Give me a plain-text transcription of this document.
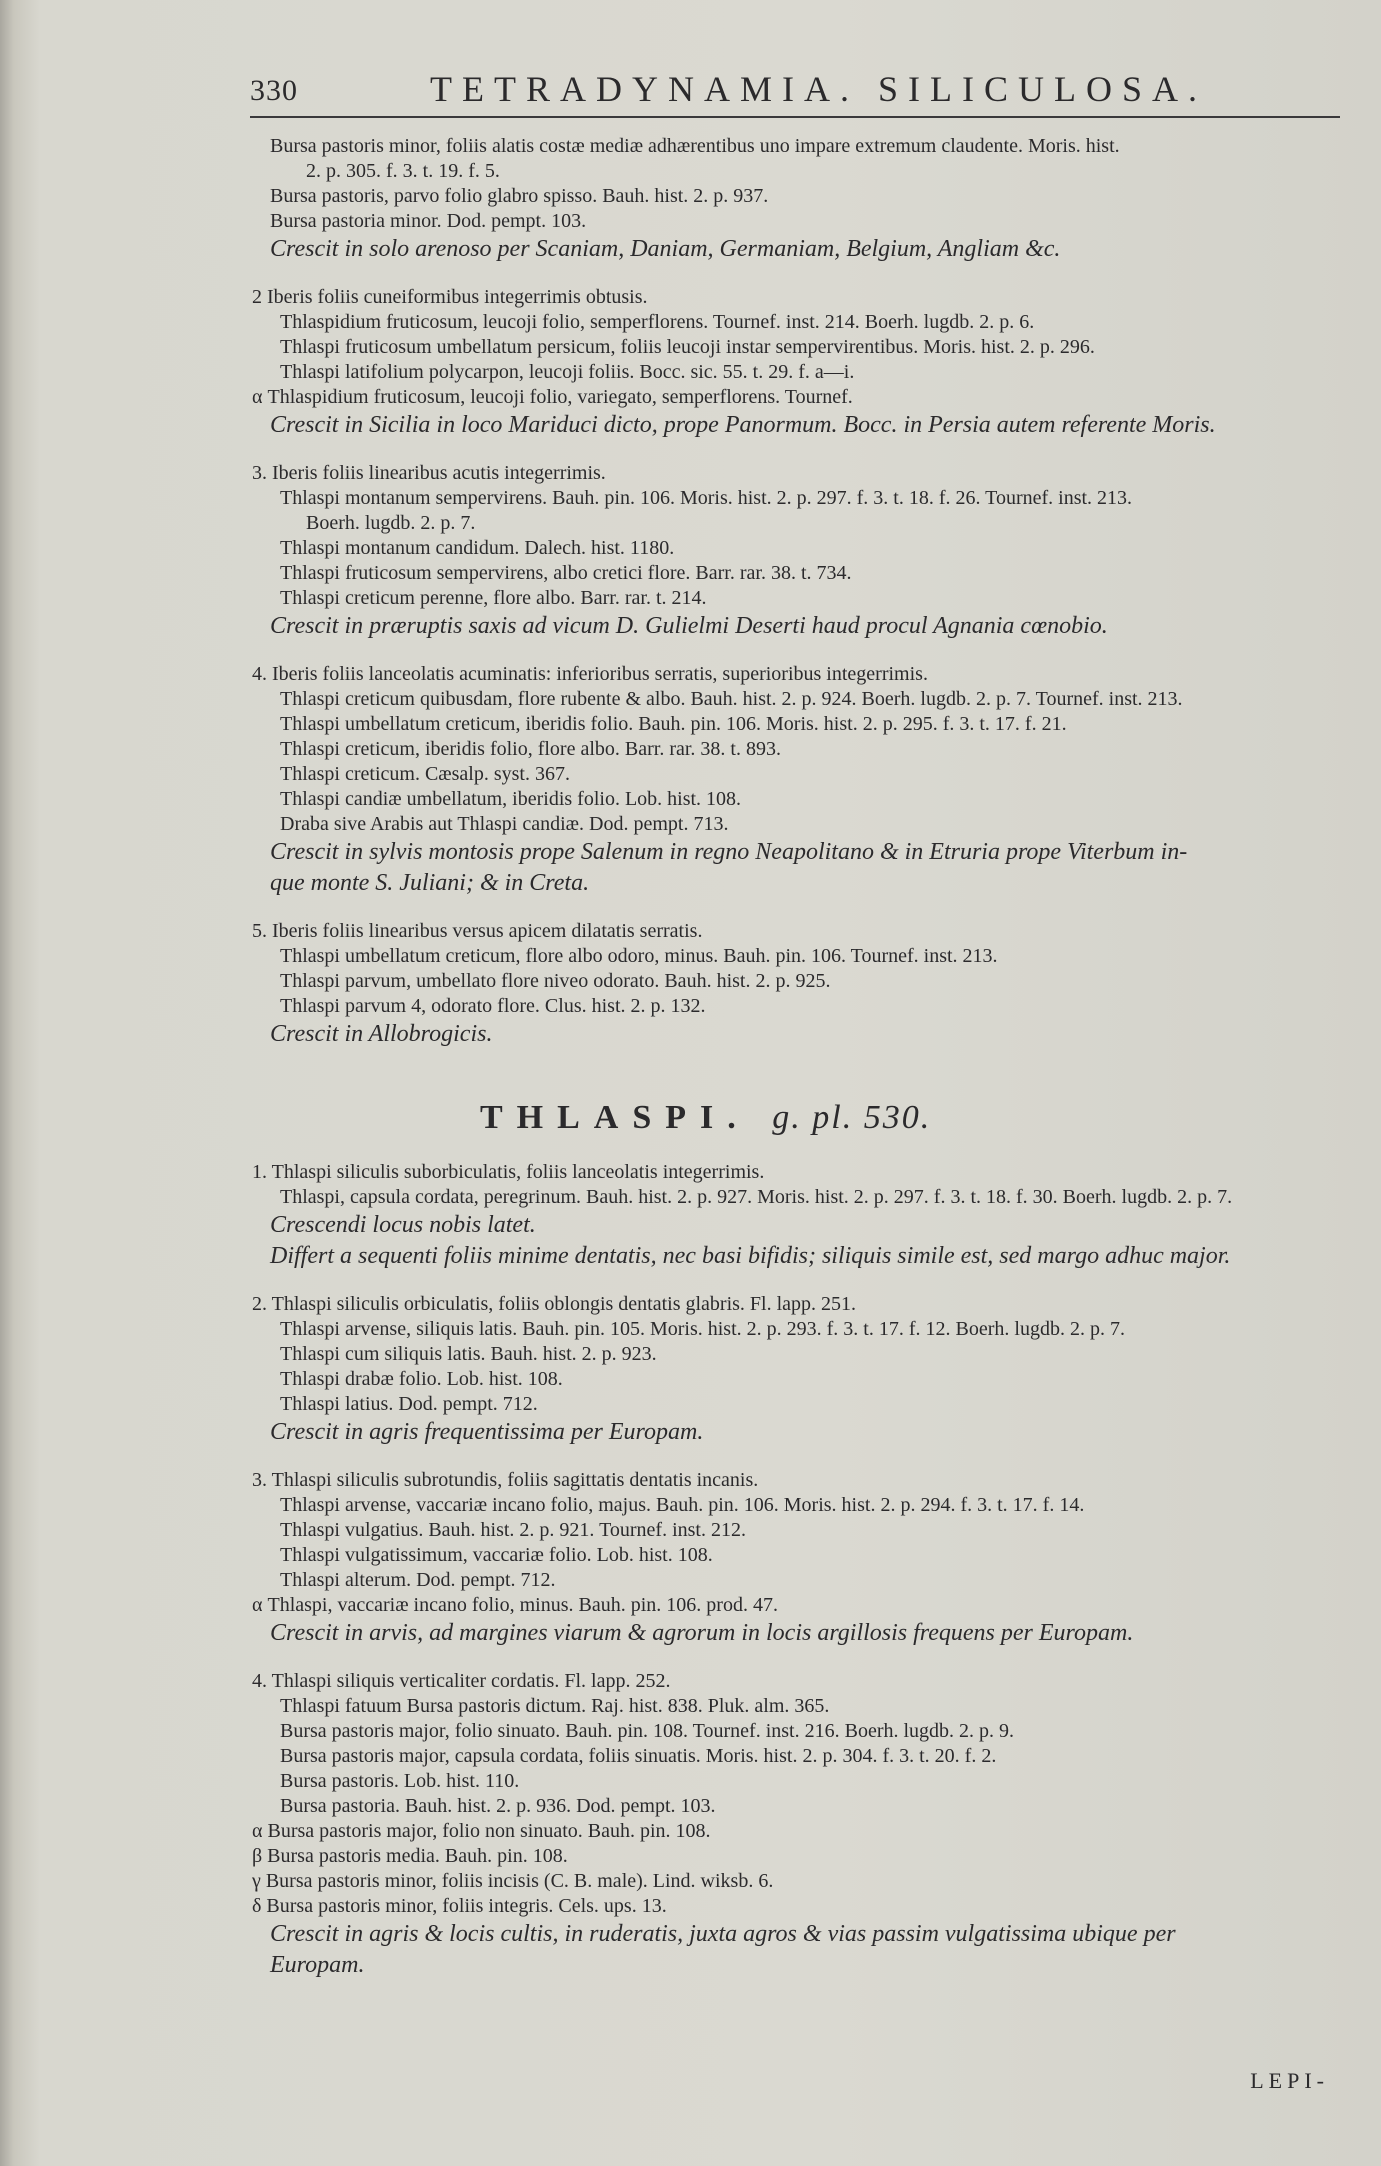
330	TETRADYNAMIA. SILICULOSA.
Bursa pastoris minor, foliis alatis costæ mediæ adhærentibus uno impare extremum claudente. Moris. hist.
2. p. 305. f. 3. t. 19. f. 5.
Bursa pastoris, parvo folio glabro spisso. Bauh. hist. 2. p. 937.
Bursa pastoria minor. Dod. pempt. 103.
Crescit in solo arenoso per Scaniam, Daniam, Germaniam, Belgium, Angliam &c.
2 Iberis foliis cuneiformibus integerrimis obtusis.
Thlaspidium fruticosum, leucoji folio, semperflorens. Tournef. inst. 214. Boerh. lugdb. 2. p. 6.
Thlaspi fruticosum umbellatum persicum, foliis leucoji instar sempervirentibus. Moris. hist. 2. p. 296.
Thlaspi latifolium polycarpon, leucoji foliis. Bocc. sic. 55. t. 29. f. a—i.
α Thlaspidium fruticosum, leucoji folio, variegato, semperflorens. Tournef.
Crescit in Sicilia in loco Mariduci dicto, prope Panormum. Bocc. in Persia autem referente Moris.
3. Iberis foliis linearibus acutis integerrimis.
Thlaspi montanum sempervirens. Bauh. pin. 106. Moris. hist. 2. p. 297. f. 3. t. 18. f. 26. Tournef. inst. 213.
Boerh. lugdb. 2. p. 7.
Thlaspi montanum candidum. Dalech. hist. 1180.
Thlaspi fruticosum sempervirens, albo cretici flore. Barr. rar. 38. t. 734.
Thlaspi creticum perenne, flore albo. Barr. rar. t. 214.
Crescit in præruptis saxis ad vicum D. Gulielmi Deserti haud procul Agnania cœnobio.
4. Iberis foliis lanceolatis acuminatis: inferioribus serratis, superioribus integerrimis.
Thlaspi creticum quibusdam, flore rubente & albo. Bauh. hist. 2. p. 924. Boerh. lugdb. 2. p. 7. Tournef. inst. 213.
Thlaspi umbellatum creticum, iberidis folio. Bauh. pin. 106. Moris. hist. 2. p. 295. f. 3. t. 17. f. 21.
Thlaspi creticum, iberidis folio, flore albo. Barr. rar. 38. t. 893.
Thlaspi creticum. Cæsalp. syst. 367.
Thlaspi candiæ umbellatum, iberidis folio. Lob. hist. 108.
Draba sive Arabis aut Thlaspi candiæ. Dod. pempt. 713.
Crescit in sylvis montosis prope Salenum in regno Neapolitano & in Etruria prope Viterbum in-
que monte S. Juliani; & in Creta.
5. Iberis foliis linearibus versus apicem dilatatis serratis.
Thlaspi umbellatum creticum, flore albo odoro, minus. Bauh. pin. 106. Tournef. inst. 213.
Thlaspi parvum, umbellato flore niveo odorato. Bauh. hist. 2. p. 925.
Thlaspi parvum 4, odorato flore. Clus. hist. 2. p. 132.
Crescit in Allobrogicis.
THLASPI. g. pl. 530.
1. Thlaspi siliculis suborbiculatis, foliis lanceolatis integerrimis.
Thlaspi, capsula cordata, peregrinum. Bauh. hist. 2. p. 927. Moris. hist. 2. p. 297. f. 3. t. 18. f. 30. Boerh. lugdb. 2. p. 7.
Crescendi locus nobis latet.
Differt a sequenti foliis minime dentatis, nec basi bifidis; siliquis simile est, sed margo adhuc major.
2. Thlaspi siliculis orbiculatis, foliis oblongis dentatis glabris. Fl. lapp. 251.
Thlaspi arvense, siliquis latis. Bauh. pin. 105. Moris. hist. 2. p. 293. f. 3. t. 17. f. 12. Boerh. lugdb. 2. p. 7.
Thlaspi cum siliquis latis. Bauh. hist. 2. p. 923.
Thlaspi drabæ folio. Lob. hist. 108.
Thlaspi latius. Dod. pempt. 712.
Crescit in agris frequentissima per Europam.
3. Thlaspi siliculis subrotundis, foliis sagittatis dentatis incanis.
Thlaspi arvense, vaccariæ incano folio, majus. Bauh. pin. 106. Moris. hist. 2. p. 294. f. 3. t. 17. f. 14.
Thlaspi vulgatius. Bauh. hist. 2. p. 921. Tournef. inst. 212.
Thlaspi vulgatissimum, vaccariæ folio. Lob. hist. 108.
Thlaspi alterum. Dod. pempt. 712.
α Thlaspi, vaccariæ incano folio, minus. Bauh. pin. 106. prod. 47.
Crescit in arvis, ad margines viarum & agrorum in locis argillosis frequens per Europam.
4. Thlaspi siliquis verticaliter cordatis. Fl. lapp. 252.
Thlaspi fatuum Bursa pastoris dictum. Raj. hist. 838. Pluk. alm. 365.
Bursa pastoris major, folio sinuato. Bauh. pin. 108. Tournef. inst. 216. Boerh. lugdb. 2. p. 9.
Bursa pastoris major, capsula cordata, foliis sinuatis. Moris. hist. 2. p. 304. f. 3. t. 20. f. 2.
Bursa pastoris. Lob. hist. 110.
Bursa pastoria. Bauh. hist. 2. p. 936. Dod. pempt. 103.
α Bursa pastoris major, folio non sinuato. Bauh. pin. 108.
β Bursa pastoris media. Bauh. pin. 108.
γ Bursa pastoris minor, foliis incisis (C. B. male). Lind. wiksb. 6.
δ Bursa pastoris minor, foliis integris. Cels. ups. 13.
Crescit in agris & locis cultis, in ruderatis, juxta agros & vias passim vulgatissima ubique per
Europam.
LEPI-
